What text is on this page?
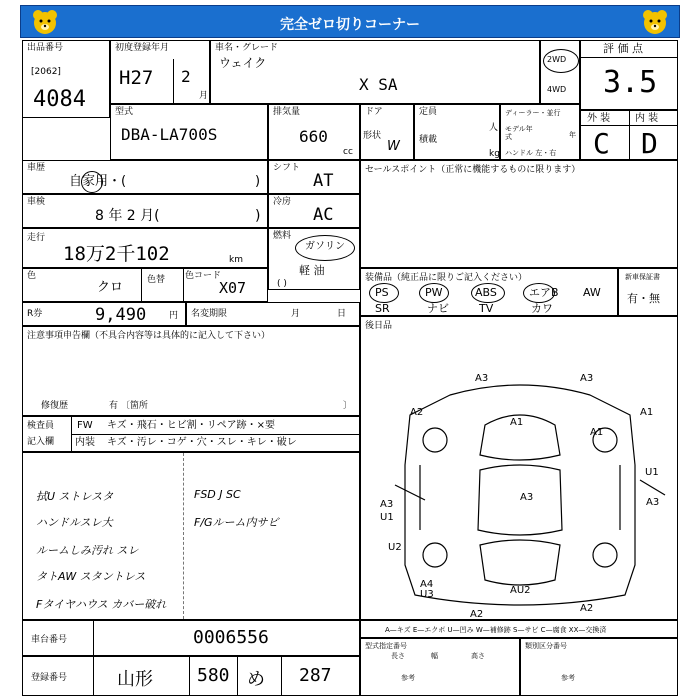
完全ゼロ切りコーナー
出品番号
[2062]
4084
初度登録年月
H27 2
月
車名・グレード
ウェイク
X SA
2WD
4WD
評 価 点
3.5
型式
DBA-LA700S
排気量
660
cc
ドア
形状
W
定員
人
積載
kg
ディーラー・並行
モデル年式	年
ハンドル 左・右
外 装 内 装
C D
車歴
自家用・(	)
シフト
AT
車検
8 年 2 月(	)
冷房
AC
走行
18万2千102	km
燃料
ガソリン
軽 油
( )
色
クロ	色替 色コード
X07
R券	9,490	円 名変期限	月	日
注意事項申告欄（不具合内容等は具体的に記入して下さい）
修復歴	有 〔箇所	〕
セールスポイント（正常に機能するものに限ります）
装備品（純正品に限りご記入ください）
PS	PW	ABS	エアB AW
SR	ナビ	TV	カワ
新車保証書
有・無
後日品
検査員
記入欄
FW キズ・飛石・ヒビ割・リペア跡・×要
内装 キズ・汚レ・コゲ・穴・スレ・キレ・破レ
拭U ストレスタ
ハンドルスレ大
ルームしみ汚れ スレ
タトAW スタントレス
Fタイヤハウス カバー破れ
FSD J SC
F/Gルーム内サビ
A3	A3
A2
A1
A1
A1
U1
A3	A3
U1
U2
A3
A4
U3	AU2
A2
A2
車台番号	0006556
登録番号	山形 580 め 287
A—キズ E—エクボ U—凹み W—補修跡 S—サビ C—腐食 XX—交換済
型式指定番号
参考
長さ	幅	高さ
類別区分番号
参考
